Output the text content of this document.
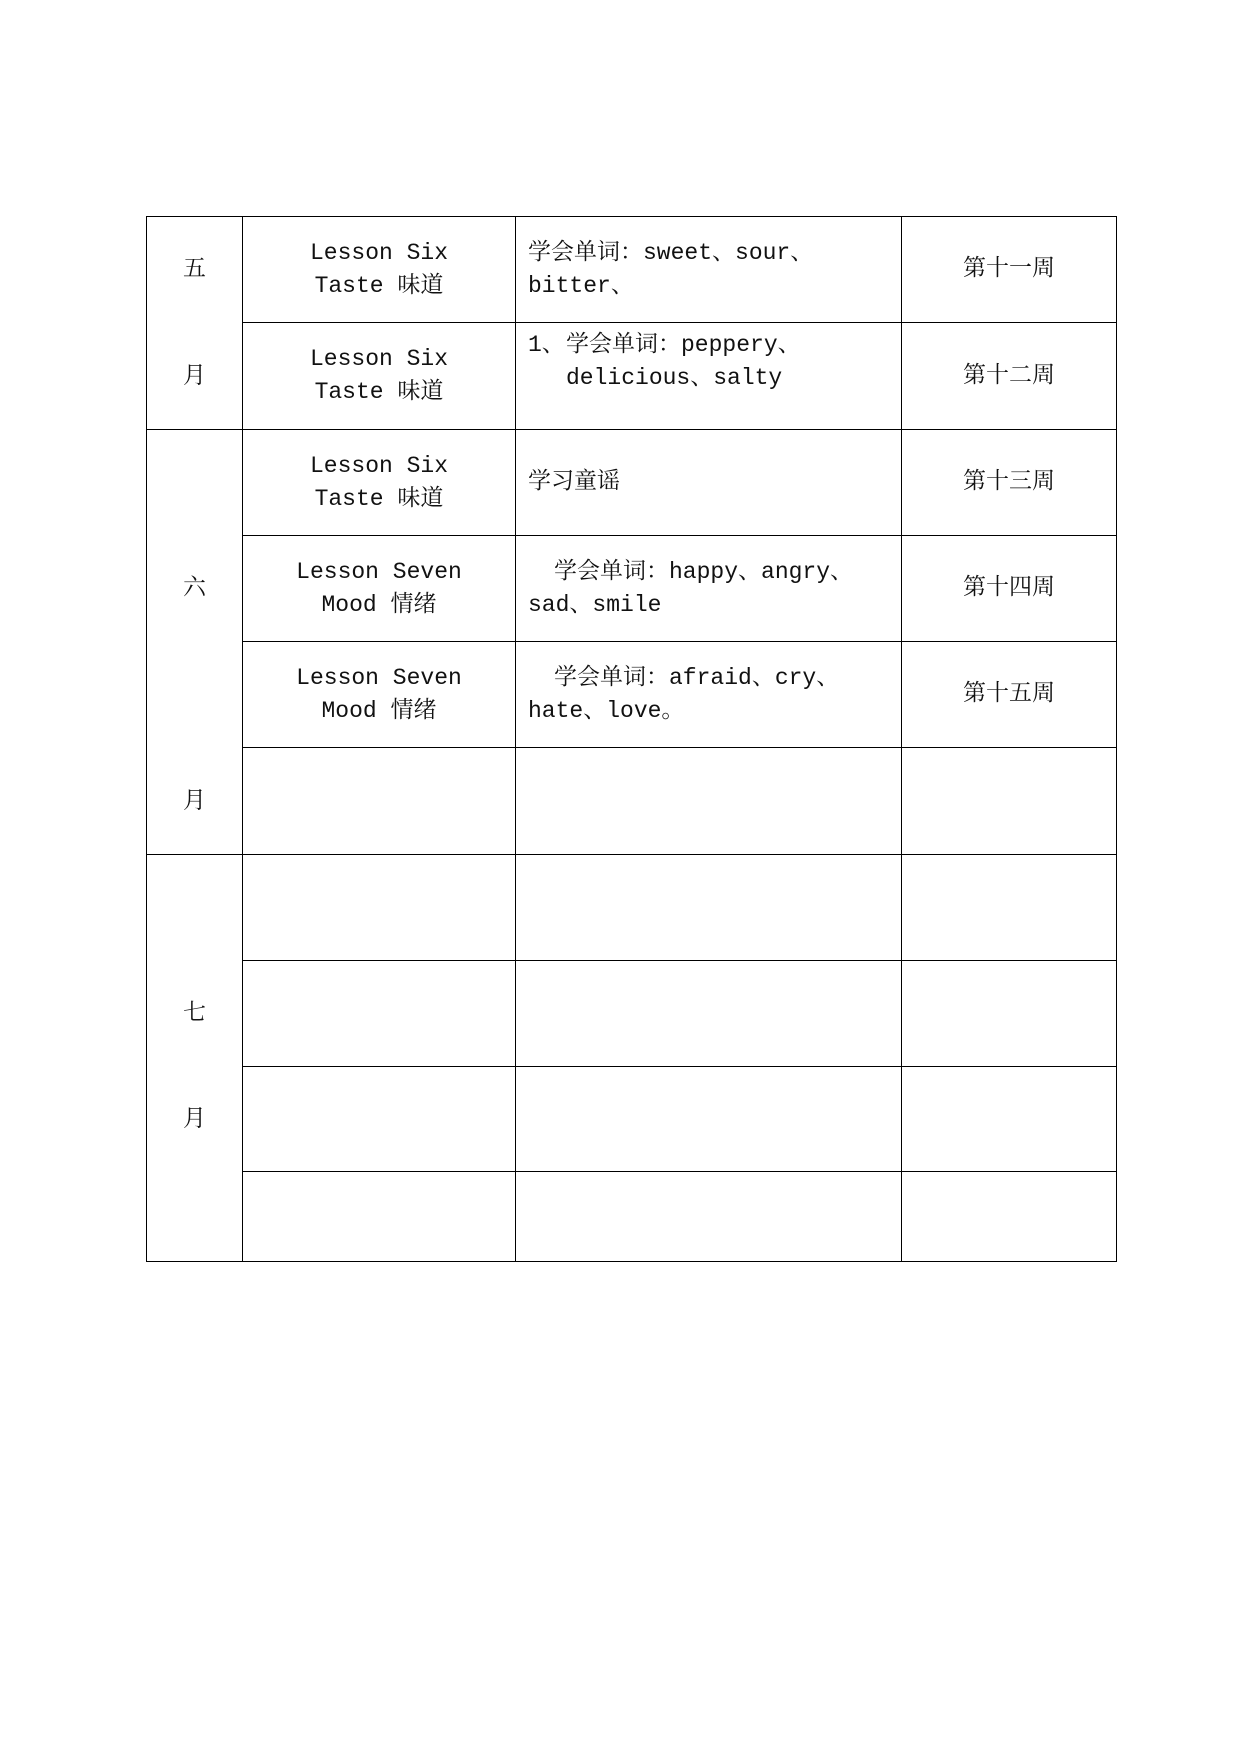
五
月
六
月
七
月
Lesson Six
Taste 味道
学会单词：sweet、sour、
bitter、
第十一周
Lesson Six
Taste 味道
1、 学会单词：peppery、
delicious、salty	第十二周
Lesson Six
Taste 味道
学习童谣	第十三周
Lesson Seven
Mood 情绪
学会单词：happy、angry、
sad、smile
第十四周
Lesson Seven
Mood 情绪
学会单词：afraid、cry、
hate、love。
第十五周
